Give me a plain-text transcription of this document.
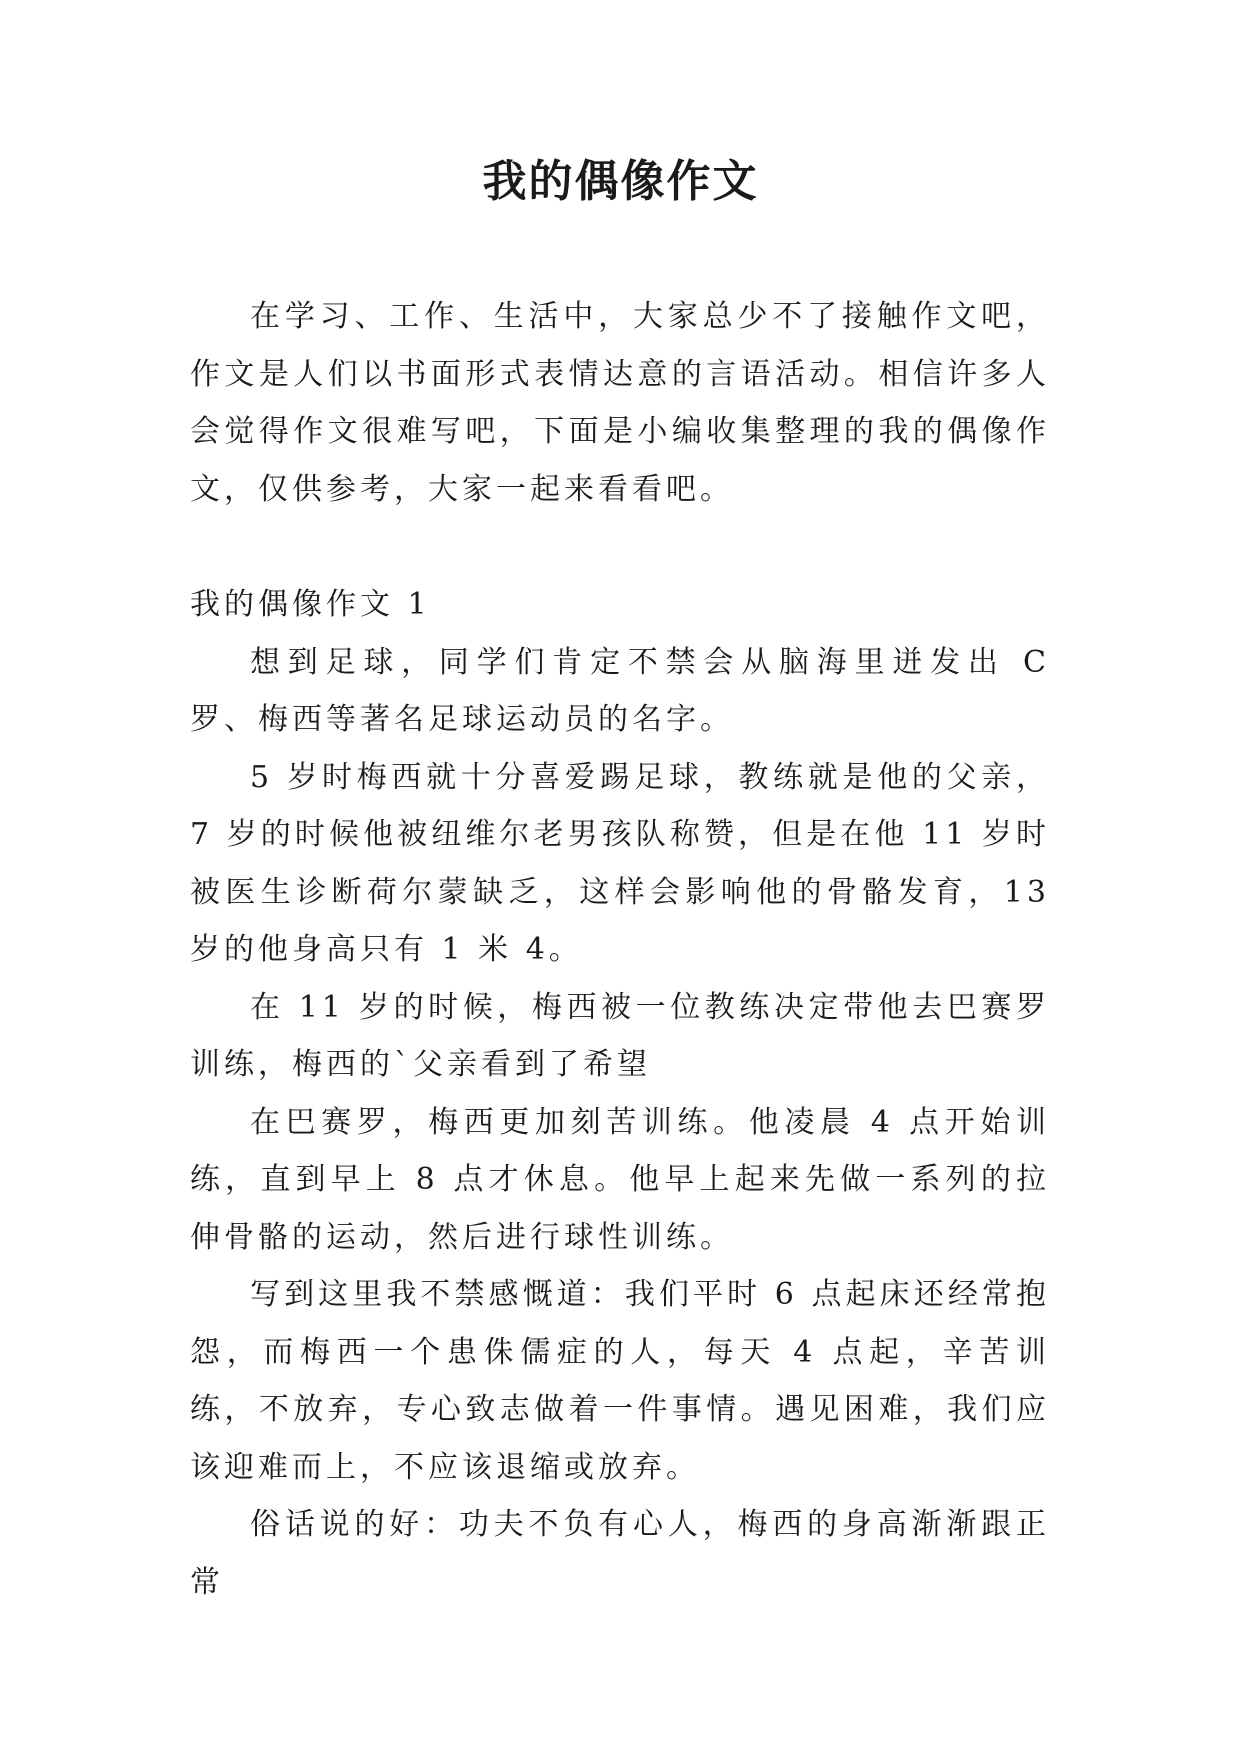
我的偶像作文

在学习、工作、生活中，大家总少不了接触作文吧，作文是人们以书面形式表情达意的言语活动。相信许多人会觉得作文很难写吧，下面是小编收集整理的我的偶像作文，仅供参考，大家一起来看看吧。

我的偶像作文 1

想到足球，同学们肯定不禁会从脑海里迸发出 C 罗、梅西等著名足球运动员的名字。

5 岁时梅西就十分喜爱踢足球，教练就是他的父亲，7 岁的时候他被纽维尔老男孩队称赞，但是在他 11 岁时被医生诊断荷尔蒙缺乏，这样会影响他的骨骼发育，13 岁的他身高只有 1 米 4。

在 11 岁的时候，梅西被一位教练决定带他去巴赛罗训练，梅西的`父亲看到了希望

在巴赛罗，梅西更加刻苦训练。他凌晨 4 点开始训练，直到早上 8 点才休息。他早上起来先做一系列的拉伸骨骼的运动，然后进行球性训练。

写到这里我不禁感慨道：我们平时 6 点起床还经常抱怨，而梅西一个患侏儒症的人，每天 4 点起，辛苦训练，不放弃，专心致志做着一件事情。遇见困难，我们应该迎难而上，不应该退缩或放弃。

俗话说的好：功夫不负有心人，梅西的身高渐渐跟正常
